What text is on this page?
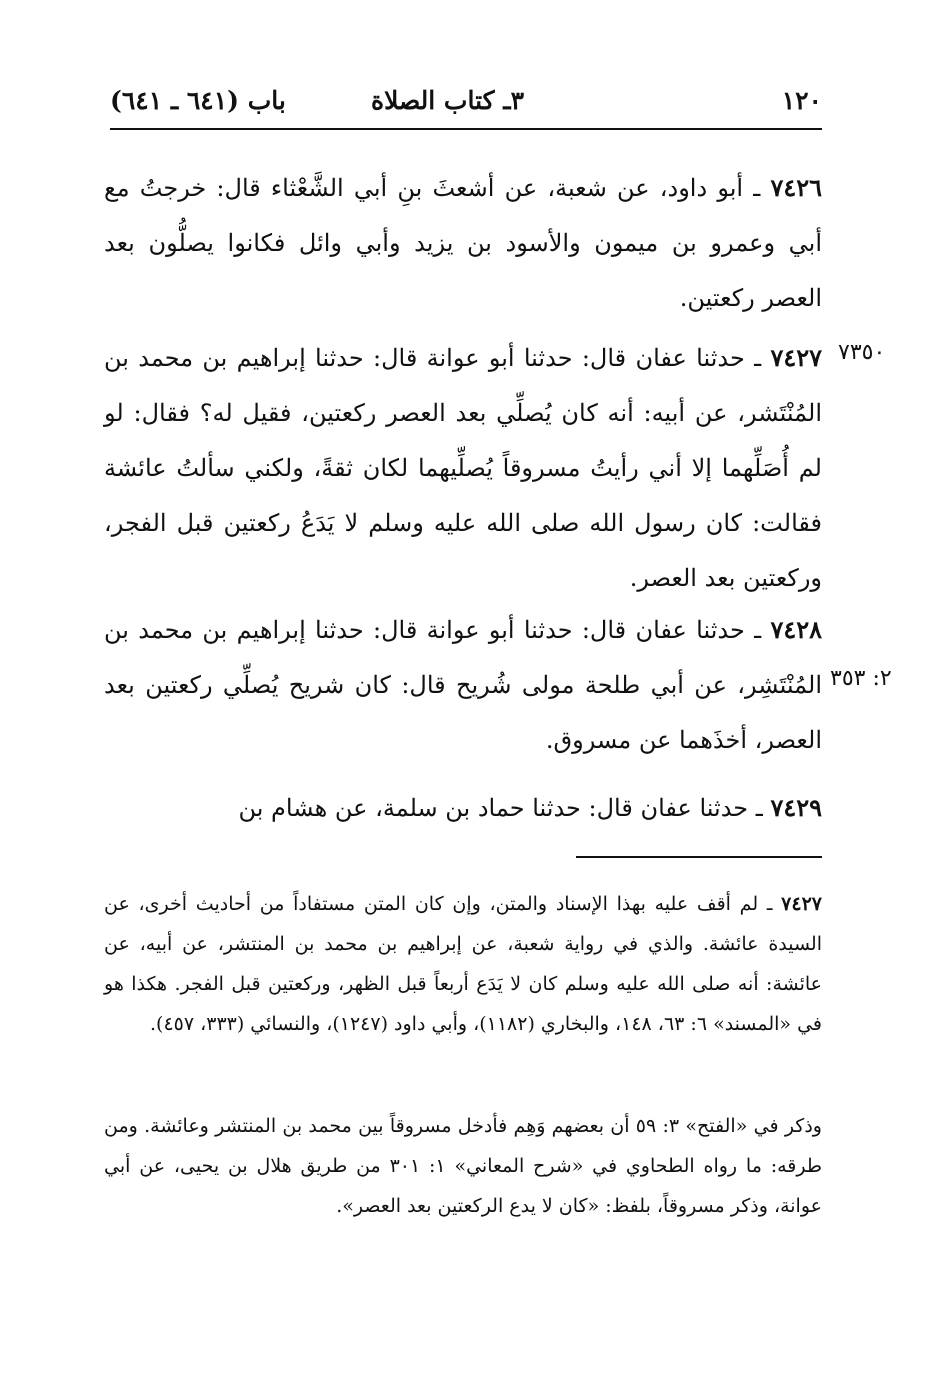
١٢٠
٣ـ كتاب الصلاة
باب (٦٤١ ـ ٦٤١)

٧٤٢٦ ـ أبو داود، عن شعبة، عن أشعثَ بنِ أبي الشَّعْثاء قال: خرجتُ مع أبي وعمرو بن ميمون والأسود بن يزيد وأبي وائل فكانوا يصلُّون بعد العصر ركعتين.

٧٣٥٠

٧٤٢٧ ـ حدثنا عفان قال: حدثنا أبو عوانة قال: حدثنا إبراهيم بن محمد بن المُنْتَشر، عن أبيه: أنه كان يُصلِّي بعد العصر ركعتين، فقيل له؟ فقال: لو لم أُصَلِّهما إلا أني رأيتُ مسروقاً يُصلِّيهما لكان ثقةً، ولكني سألتُ عائشة فقالت: كان رسول الله صلى الله عليه وسلم لا يَدَعُ ركعتين قبل الفجر، وركعتين بعد العصر.

٢: ٣٥٣

٧٤٢٨ ـ حدثنا عفان قال: حدثنا أبو عوانة قال: حدثنا إبراهيم بن محمد بن المُنْتَشِر، عن أبي طلحة مولى شُريح قال: كان شريح يُصلِّي ركعتين بعد العصر، أخذَهما عن مسروق.

٧٤٢٩ ـ حدثنا عفان قال: حدثنا حماد بن سلمة، عن هشام بن

٧٤٢٧ ـ لم أقف عليه بهذا الإسناد والمتن، وإن كان المتن مستفاداً من أحاديث أخرى، عن السيدة عائشة. والذي في رواية شعبة، عن إبراهيم بن محمد بن المنتشر، عن أبيه، عن عائشة: أنه صلى الله عليه وسلم كان لا يَدَع أربعاً قبل الظهر، وركعتين قبل الفجر. هكذا هو في «المسند» ٦: ٦٣، ١٤٨، والبخاري (١١٨٢)، وأبي داود (١٢٤٧)، والنسائي (٣٣٣، ٤٥٧).

وذكر في «الفتح» ٣: ٥٩ أن بعضهم وَهِم فأدخل مسروقاً بين محمد بن المنتشر وعائشة. ومن طرقه: ما رواه الطحاوي في «شرح المعاني» ١: ٣٠١ من طريق هلال بن يحيى، عن أبي عوانة، وذكر مسروقاً، بلفظ: «كان لا يدع الركعتين بعد العصر».
